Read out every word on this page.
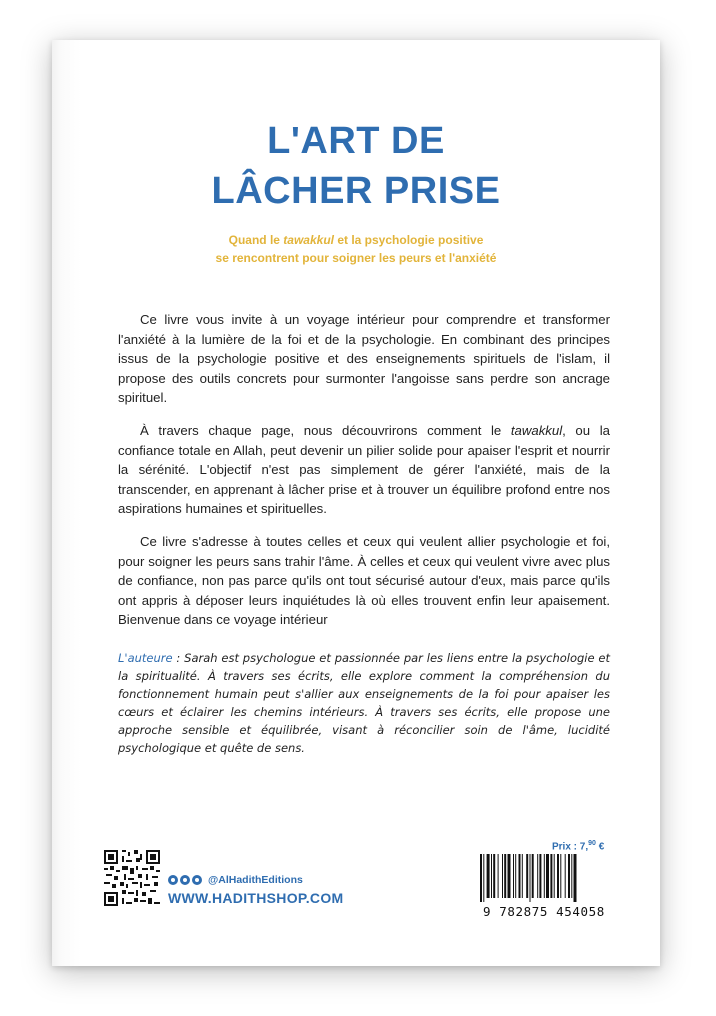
L'ART DE
LÂCHER PRISE
Quand le tawakkul et la psychologie positive
se rencontrent pour soigner les peurs et l'anxiété

Ce livre vous invite à un voyage intérieur pour comprendre et transformer l'anxiété à la lumière de la foi et de la psychologie. En combinant des principes issus de la psychologie positive et des enseignements spirituels de l'islam, il propose des outils concrets pour surmonter l'angoisse sans perdre son ancrage spirituel.

À travers chaque page, nous découvrirons comment le tawakkul, ou la confiance totale en Allah, peut devenir un pilier solide pour apaiser l'esprit et nourrir la sérénité. L'objectif n'est pas simplement de gérer l'anxiété, mais de la transcender, en apprenant à lâcher prise et à trouver un équilibre profond entre nos aspirations humaines et spirituelles.

Ce livre s'adresse à toutes celles et ceux qui veulent allier psychologie et foi, pour soigner les peurs sans trahir l'âme. À celles et ceux qui veulent vivre avec plus de confiance, non pas parce qu'ils ont tout sécurisé autour d'eux, mais parce qu'ils ont appris à déposer leurs inquiétudes là où elles trouvent enfin leur apaisement. Bienvenue dans ce voyage intérieur

L'auteure : Sarah est psychologue et passionnée par les liens entre la psychologie et la spiritualité. À travers ses écrits, elle explore comment la compréhension du fonctionnement humain peut s'allier aux enseignements de la foi pour apaiser les cœurs et éclairer les chemins intérieurs. À travers ses écrits, elle propose une approche sensible et équilibrée, visant à réconcilier soin de l'âme, lucidité psychologique et quête de sens.

@AlHadithEditions
WWW.HADITHSHOP.COM
Prix : 7,90 €
9 782875 454058
